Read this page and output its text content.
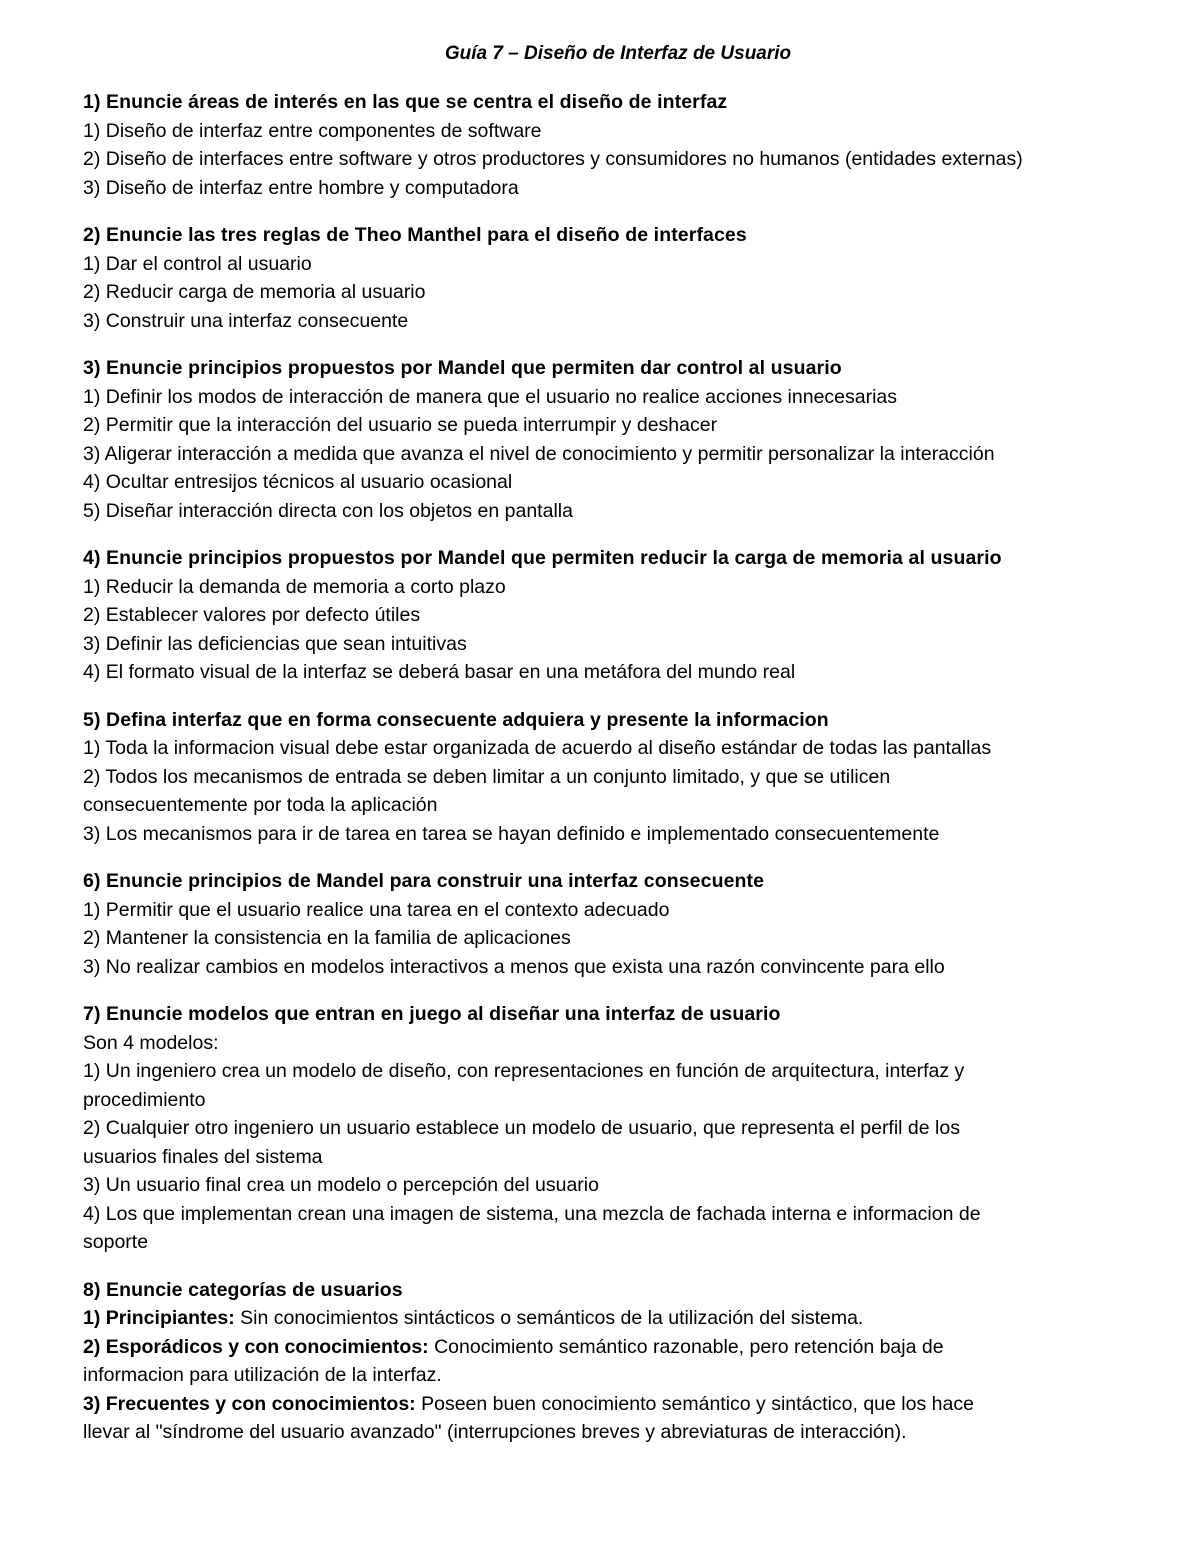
Guía 7 – Diseño de Interfaz de Usuario

1) Enuncie áreas de interés en las que se centra el diseño de interfaz

1) Diseño de interfaz entre componentes de software

2) Diseño de interfaces entre software y otros productores y consumidores no humanos (entidades externas)

3) Diseño de interfaz entre hombre y computadora

2) Enuncie las tres reglas de Theo Manthel para el diseño de interfaces

1) Dar el control al usuario

2) Reducir carga de memoria al usuario

3) Construir una interfaz consecuente

3) Enuncie principios propuestos por Mandel que permiten dar control al usuario

1) Definir los modos de interacción de manera que el usuario no realice acciones innecesarias

2) Permitir que la interacción del usuario se pueda interrumpir y deshacer

3) Aligerar interacción a medida que avanza el nivel de conocimiento y permitir personalizar la interacción

4) Ocultar entresijos técnicos al usuario ocasional

5) Diseñar interacción directa con los objetos en pantalla

4) Enuncie principios propuestos por Mandel que permiten reducir la carga de memoria al usuario

1) Reducir la demanda de memoria a corto plazo

2) Establecer valores por defecto útiles

3) Definir las deficiencias que sean intuitivas

4) El formato visual de la interfaz se deberá basar en una metáfora del mundo real

5) Defina interfaz que en forma consecuente adquiera y presente la informacion

1) Toda la informacion visual debe estar organizada de acuerdo al diseño estándar de todas las pantallas

2) Todos los mecanismos de entrada se deben limitar a un conjunto limitado, y que se utilicen

consecuentemente por toda la aplicación

3) Los mecanismos para ir de tarea en tarea se hayan definido e implementado consecuentemente

6) Enuncie principios de Mandel para construir una interfaz consecuente

1) Permitir que el usuario realice una tarea en el contexto adecuado

2) Mantener la consistencia en la familia de aplicaciones

3) No realizar cambios en modelos interactivos a menos que exista una razón convincente para ello

7) Enuncie modelos que entran en juego al diseñar una interfaz de usuario

Son 4 modelos:

1) Un ingeniero crea un modelo de diseño, con representaciones en función de arquitectura, interfaz y

procedimiento

2) Cualquier otro ingeniero un usuario establece un modelo de usuario, que representa el perfil de los

usuarios finales del sistema

3) Un usuario final crea un modelo o percepción del usuario

4) Los que implementan crean una imagen de sistema, una mezcla de fachada interna e informacion de

soporte

8) Enuncie categorías de usuarios

1) Principiantes: Sin conocimientos sintácticos o semánticos de la utilización del sistema.

2) Esporádicos y con conocimientos: Conocimiento semántico razonable, pero retención baja de

informacion para utilización de la interfaz.

3) Frecuentes y con conocimientos: Poseen buen conocimiento semántico y sintáctico, que los hace

llevar al "síndrome del usuario avanzado" (interrupciones breves y abreviaturas de interacción).
